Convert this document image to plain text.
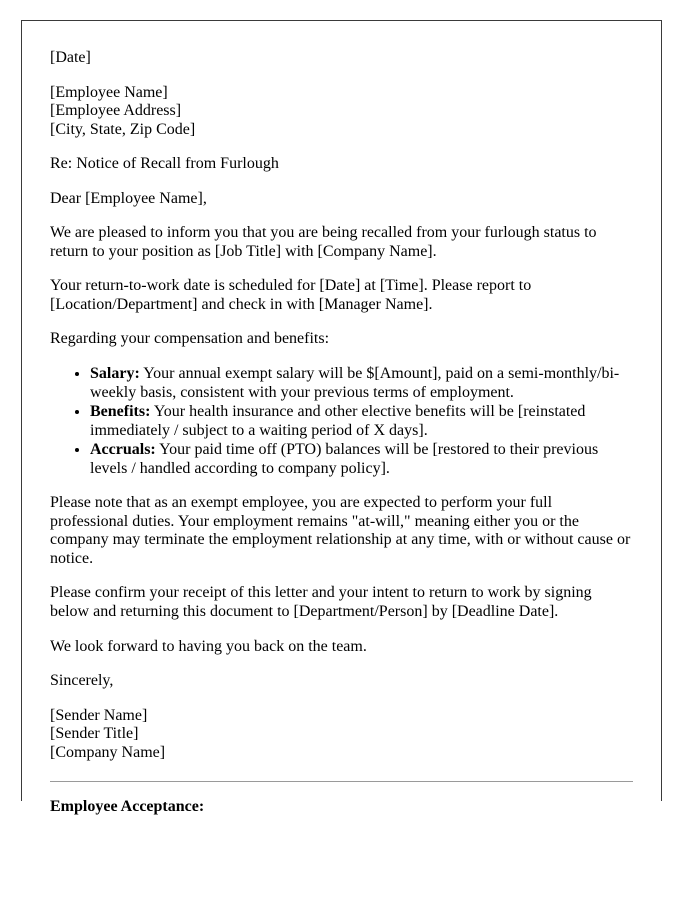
[Date]

[Employee Name]
[Employee Address]
[City, State, Zip Code]

Re: Notice of Recall from Furlough

Dear [Employee Name],

We are pleased to inform you that you are being recalled from your furlough status to return to your position as [Job Title] with [Company Name].

Your return-to-work date is scheduled for [Date] at [Time]. Please report to [Location/Department] and check in with [Manager Name].

Regarding your compensation and benefits:

• Salary: Your annual exempt salary will be $[Amount], paid on a semi-monthly/bi-weekly basis, consistent with your previous terms of employment.
• Benefits: Your health insurance and other elective benefits will be [reinstated immediately / subject to a waiting period of X days].
• Accruals: Your paid time off (PTO) balances will be [restored to their previous levels / handled according to company policy].

Please note that as an exempt employee, you are expected to perform your full professional duties. Your employment remains "at-will," meaning either you or the company may terminate the employment relationship at any time, with or without cause or notice.

Please confirm your receipt of this letter and your intent to return to work by signing below and returning this document to [Department/Person] by [Deadline Date].

We look forward to having you back on the team.

Sincerely,

[Sender Name]
[Sender Title]
[Company Name]

Employee Acceptance:
